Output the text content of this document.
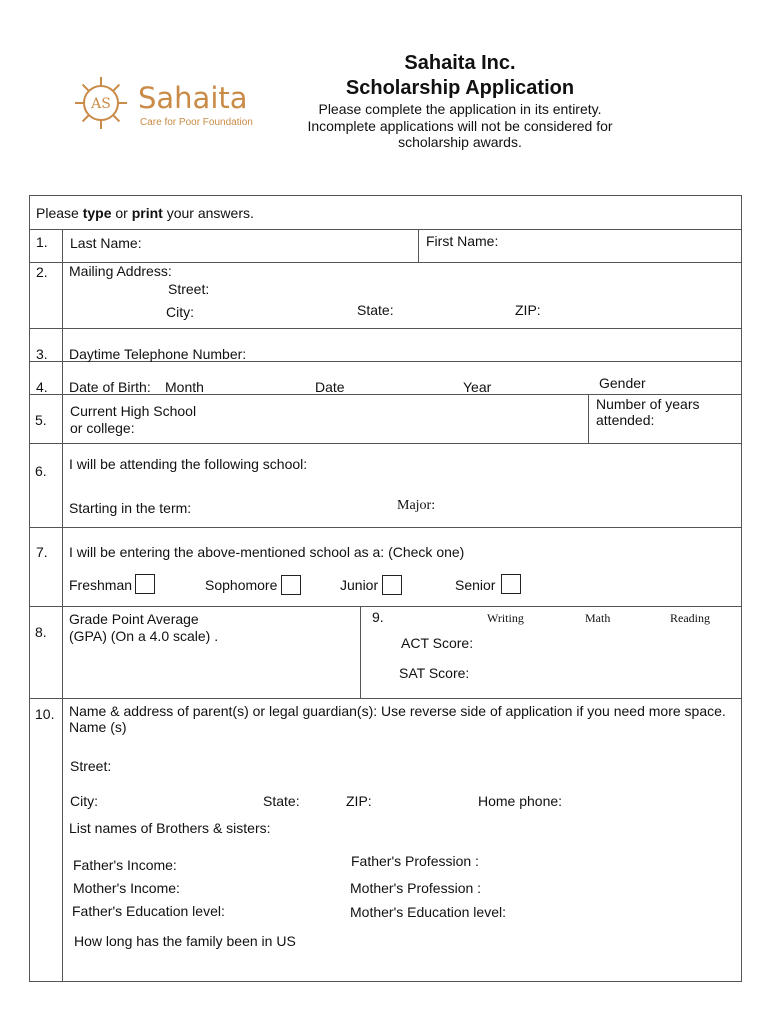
AS Sahaita
Care for Poor Foundation
Sahaita Inc.
Scholarship Application
Please complete the application in its entirety.
Incomplete applications will not be considered for
scholarship awards.
Please type or print your answers.
1. Last Name:	First Name:
2. Mailing Address:
Street:
City:	State:	ZIP:
3. Daytime Telephone Number:
4. Date of Birth: Month	Date	Year	Gender
5.
Current High School
or college:
Number of years
attended:
6. I will be attending the following school:
Starting in the term:	Major:
7. I will be entering the above-mentioned school as a: (Check one)
Freshman	Sophomore	Junior	Senior
8.
Grade Point Average
(GPA) (On a 4.0 scale) .
9.	Writing	Math	Reading
ACT Score:
SAT Score:
10. Name & address of parent(s) or legal guardian(s): Use reverse side of application if you need more space.
Name (s)
Street:
City:	State:	ZIP:	Home phone:
List names of Brothers & sisters:
Father's Income:	Father's Profession :
Mother's Income:	Mother's Profession :
Father's Education level:	Mother's Education level:
How long has the family been in US
